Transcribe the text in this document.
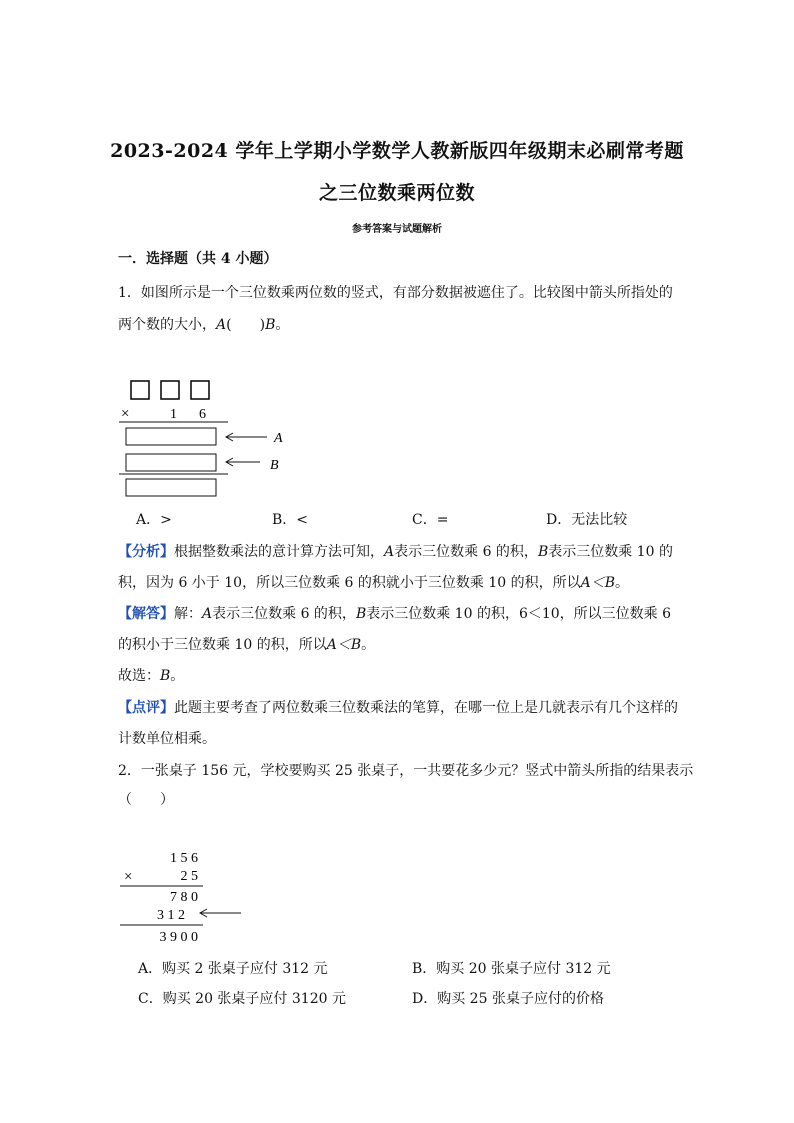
2023-2024 学年上学期小学数学人教新版四年级期末必刷常考题
之三位数乘两位数
参考答案与试题解析
一．选择题（共 4 小题）
1．如图所示是一个三位数乘两位数的竖式，有部分数据被遮住了。比较图中箭头所指处的
两个数的大小，A(　　)B。
×	1 6
A
B
A．>	B．<	C．=	D．无法比较
【分析】根据整数乘法的意计算方法可知，A表示三位数乘 6 的积，B表示三位数乘 10 的
积，因为 6 小于 10，所以三位数乘 6 的积就小于三位数乘 10 的积，所以A＜B。
【解答】解：A表示三位数乘 6 的积，B表示三位数乘 10 的积，6＜10，所以三位数乘 6
的积小于三位数乘 10 的积，所以A＜B。
故选：B。
【点评】此题主要考查了两位数乘三位数乘法的笔算，在哪一位上是几就表示有几个这样的
计数单位相乘。
2．一张桌子 156 元，学校要购买 25 张桌子，一共要花多少元？竖式中箭头所指的结果表示
（　　）
1 5 6
×	2 5
7 8 0
3 1 2
3 9 0 0
A．购买 2 张桌子应付 312 元	B．购买 20 张桌子应付 312 元
C．购买 20 张桌子应付 3120 元	D．购买 25 张桌子应付的价格
